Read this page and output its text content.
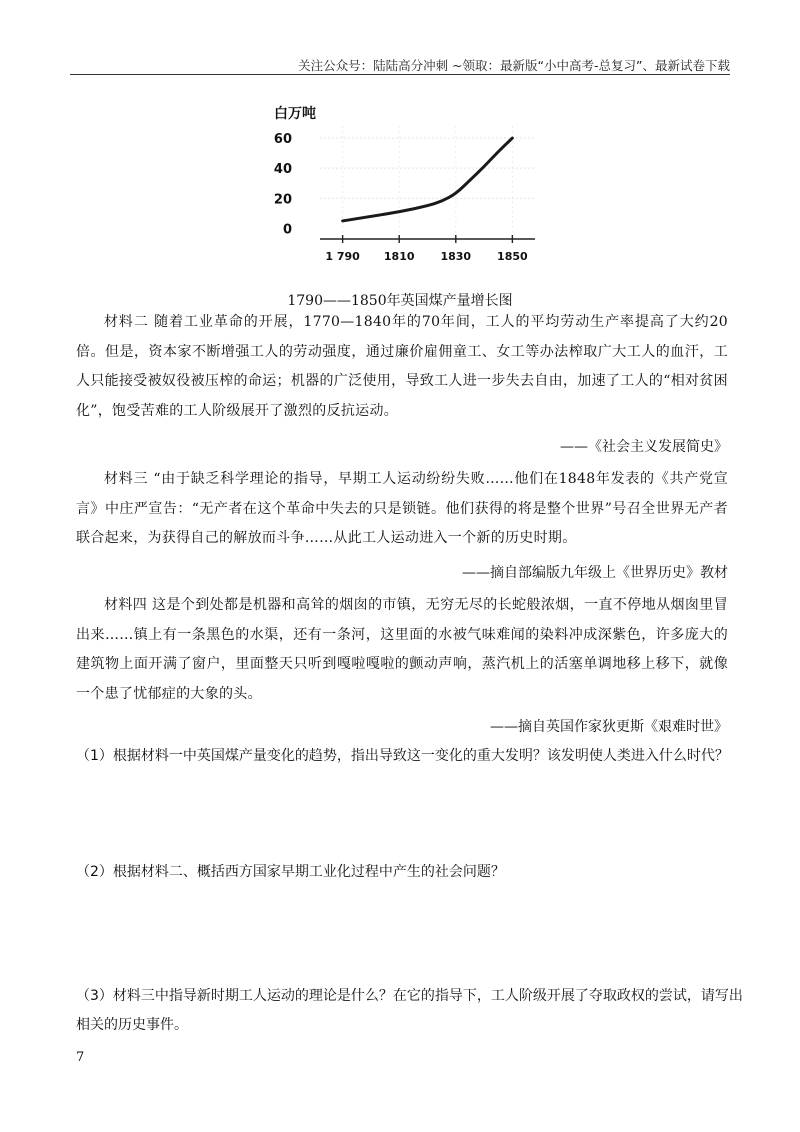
关注公众号：陆陆高分冲刺 ~领取：最新版“小中高考-总复习”、最新试卷下载
60
40
20
0
1 790 1810 1830 1850
白万吨
1790——1850年英国煤产量增长图
材料二 随着工业革命的开展，1770—1840年的70年间，工人的平均劳动生产率提高了大约20倍。但是，资本家不断增强工人的劳动强度，通过廉价雇佣童工、女工等办法榨取广大工人的血汗，工人只能接受被奴役被压榨的命运；机器的广泛使用，导致工人进一步失去自由，加速了工人的“相对贫困化”，饱受苦难的工人阶级展开了激烈的反抗运动。
——《社会主义发展简史》
材料三 “由于缺乏科学理论的指导，早期工人运动纷纷失败……他们在1848年发表的《共产党宣言》中庄严宣告：“无产者在这个革命中失去的只是锁链。他们获得的将是整个世界”号召全世界无产者联合起来，为获得自己的解放而斗争……从此工人运动进入一个新的历史时期。
——摘自部编版九年级上《世界历史》教材
材料四 这是个到处都是机器和高耸的烟囱的市镇，无穷无尽的长蛇般浓烟，一直不停地从烟囱里冒出来……镇上有一条黑色的水渠，还有一条河，这里面的水被气味难闻的染料冲成深紫色，许多庞大的建筑物上面开满了窗户，里面整天只听到嘎啦嘎啦的颤动声响，蒸汽机上的活塞单调地移上移下，就像一个患了忧郁症的大象的头。
——摘自英国作家狄更斯《艰难时世》
（1）根据材料一中英国煤产量变化的趋势，指出导致这一变化的重大发明？该发明使人类进入什么时代？
（2）根据材料二、概括西方国家早期工业化过程中产生的社会问题？
（3）材料三中指导新时期工人运动的理论是什么？在它的指导下，工人阶级开展了夺取政权的尝试，请写出相关的历史事件。
7
